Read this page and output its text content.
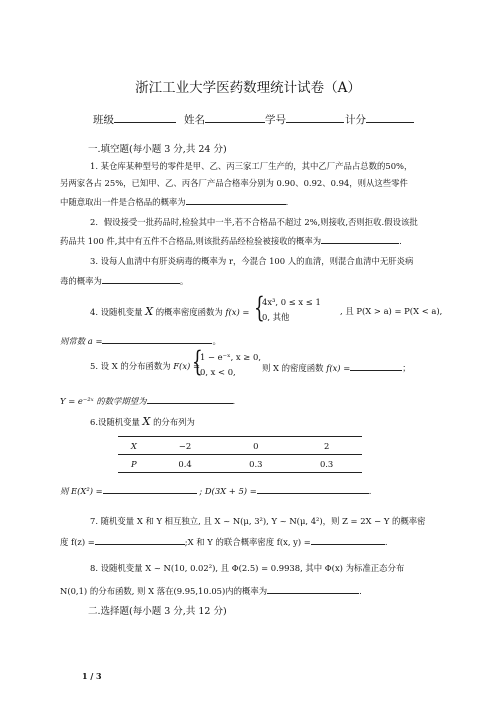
浙江工业大学医药数理统计试卷（A）
班级	姓名	学号	计分
一.填空题(每小题 3 分,共 24 分)
1. 某仓库某种型号的零件是甲、乙、丙三家工厂生产的，其中乙厂产品占总数的50%，
另两家各占 25%，已知甲、乙、丙各厂产品合格率分别为 0.90、0.92、0.94，则从这些零件
中随意取出一件是合格品的概率为	.
2．假设接受一批药品时,检验其中一半,若不合格品不超过 2%,则接收,否则拒收.假设该批
药品共 100 件,其中有五件不合格品,则该批药品经检验被接收的概率为	.
3. 设每人血清中有肝炎病毒的概率为 r，今混合 100 人的血清，则混合血清中无肝炎病
毒的概率为	。
4. 设随机变量 X 的概率密度函数为 f(x) = {
4x³, 0 ≤ x ≤ 1
0, 其他
, 且 P(X > a) = P(X < a),
则常数 a =	。
5. 设 X 的分布函数为 F(x) =
{
1 − e⁻ˣ, x ≥ 0,
0, x < 0,	则 X 的密度函数 f(x) =	；
Y = e⁻²ˣ 的数学期望为	.
6.设随机变量 X 的分布列为
X	−2	0	2
P	0.4	0.3	0.3
则 E(X²) =	; D(3X + 5) =	.
7. 随机变量 X 和 Y 相互独立, 且 X ~ N(μ, 3²), Y ~ N(μ, 4²)，则 Z = 2X − Y 的概率密
度 f(z) =	;X 和 Y 的联合概率密度 f(x, y) =	.
8. 设随机变量 X ~ N(10, 0.02²), 且 Φ(2.5) = 0.9938, 其中 Φ(x) 为标准正态分布
N(0,1) 的分布函数, 则 X 落在(9.95,10.05)内的概率为	.
二.选择题(每小题 3 分,共 12 分)
1 / 3
